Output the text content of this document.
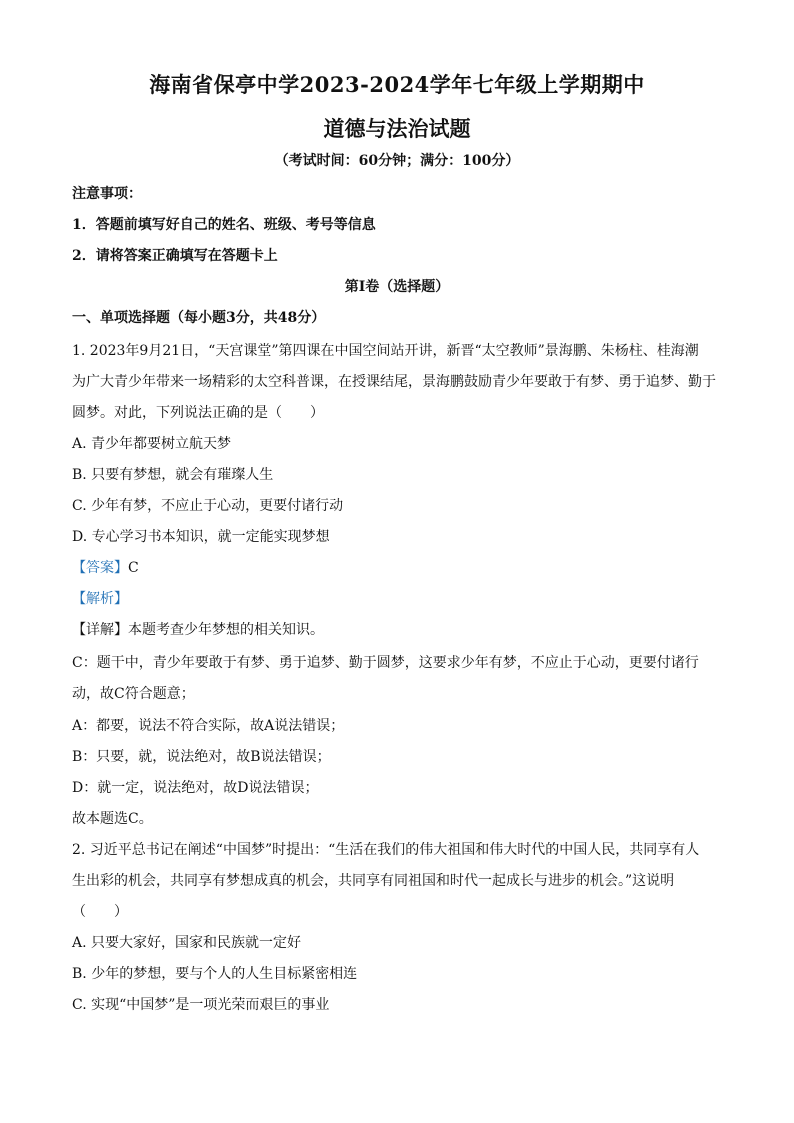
海南省保亭中学2023-2024学年七年级上学期期中
道德与法治试题
（考试时间：60分钟；满分：100分）
注意事项：
1．答题前填写好自己的姓名、班级、考号等信息
2．请将答案正确填写在答题卡上
第I卷（选择题）
一、单项选择题（每小题3分，共48分）
1. 2023年9月21日，“天宫课堂”第四课在中国空间站开讲，新晋“太空教师”景海鹏、朱杨柱、桂海潮
为广大青少年带来一场精彩的太空科普课，在授课结尾，景海鹏鼓励青少年要敢于有梦、勇于追梦、勤于
圆梦。对此，下列说法正确的是（　　）
A. 青少年都要树立航天梦
B. 只要有梦想，就会有璀璨人生
C. 少年有梦，不应止于心动，更要付诸行动
D. 专心学习书本知识，就一定能实现梦想
【答案】C
【解析】
【详解】本题考查少年梦想的相关知识。
C：题干中，青少年要敢于有梦、勇于追梦、勤于圆梦，这要求少年有梦，不应止于心动，更要付诸行
动，故C符合题意；
A：都要，说法不符合实际，故A说法错误；
B：只要，就，说法绝对，故B说法错误；
D：就一定，说法绝对，故D说法错误；
故本题选C。
2. 习近平总书记在阐述“中国梦”时提出：“生活在我们的伟大祖国和伟大时代的中国人民，共同享有人
生出彩的机会，共同享有梦想成真的机会，共同享有同祖国和时代一起成长与进步的机会。”这说明
（　　）
A. 只要大家好，国家和民族就一定好
B. 少年的梦想，要与个人的人生目标紧密相连
C. 实现“中国梦”是一项光荣而艰巨的事业
